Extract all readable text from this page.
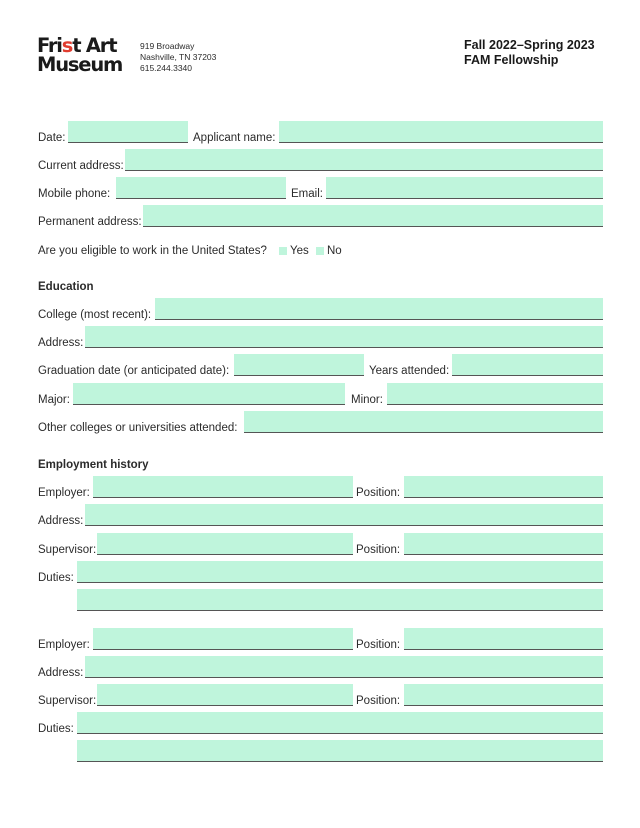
Frist Art
Museum
919 Broadway
Nashville, TN 37203
615.244.3340
Fall 2022–Spring 2023
FAM Fellowship
Date:	Applicant name:
Current address:
Mobile phone:	Email:
Permanent address:
Are you eligible to work in the United States? Yes No
Education
College (most recent):
Address:
Graduation date (or anticipated date):	Years attended:
Major:	Minor:
Other colleges or universities attended:
Employment history
Employer:	Position:
Address:
Supervisor:	Position:
Duties:
Employer:	Position:
Address:
Supervisor:	Position:
Duties:
